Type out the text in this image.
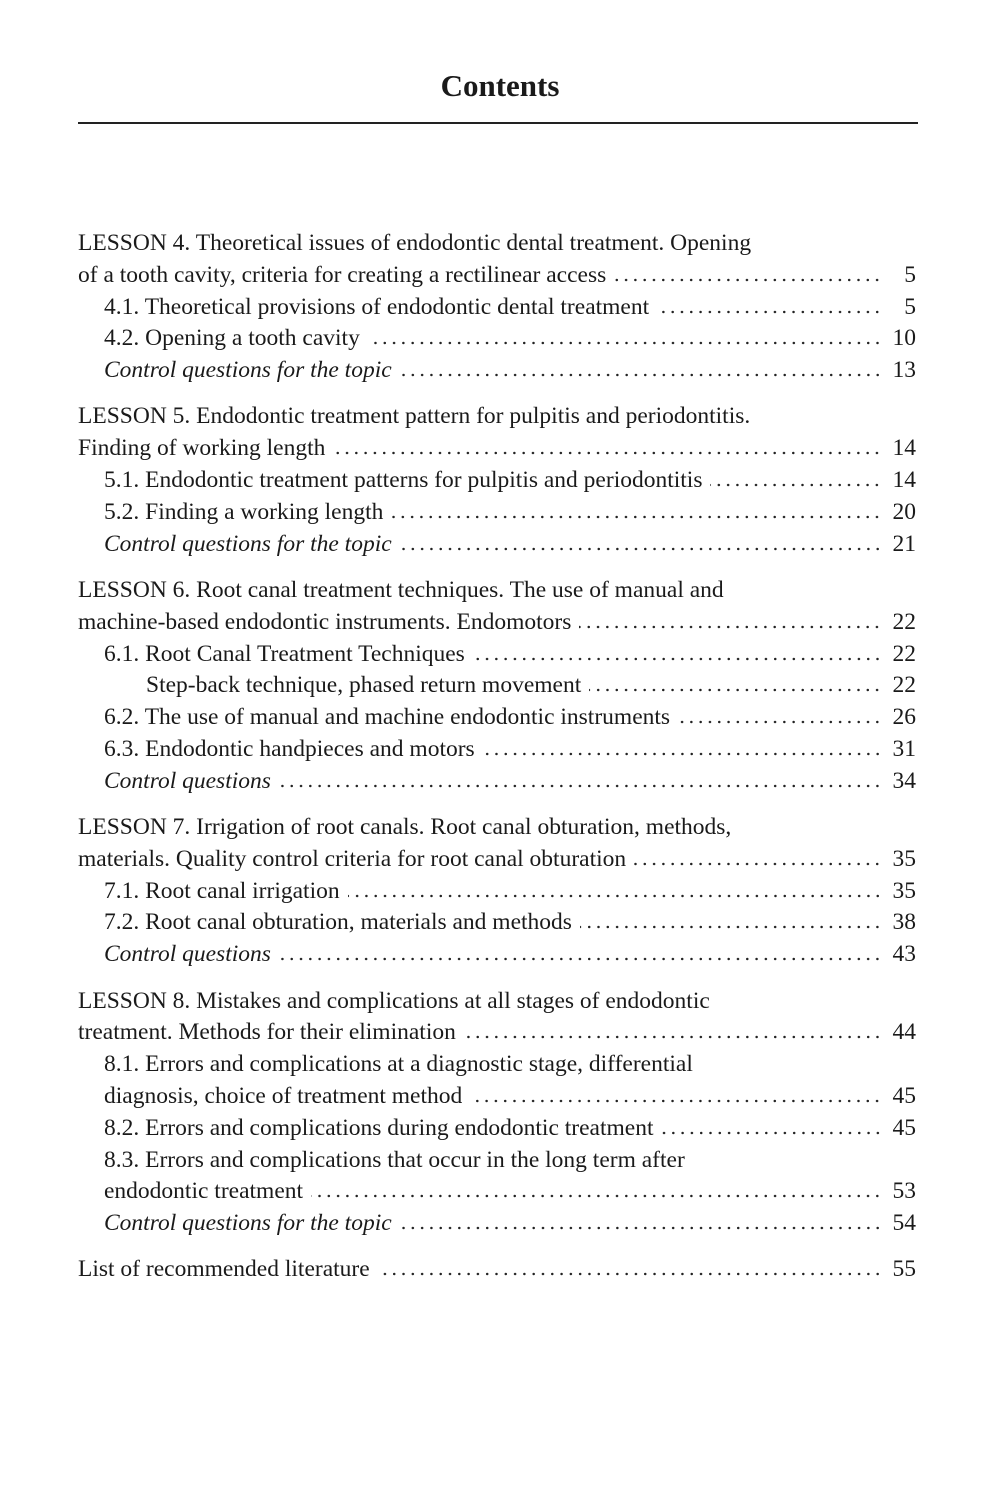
Contents
LESSON 4. Theoretical issues of endodontic dental treatment. Opening
of a tooth cavity, criteria for creating a rectilinear access	5
4.1. Theoretical provisions of endodontic dental treatment	5
4.2. Opening a tooth cavity	10
Control questions for the topic	13
LESSON 5. Endodontic treatment pattern for pulpitis and periodontitis.
Finding of working length	14
5.1. Endodontic treatment patterns for pulpitis and periodontitis	14
5.2. Finding a working length	20
Control questions for the topic	21
LESSON 6. Root canal treatment techniques. The use of manual and
machine-based endodontic instruments. Endomotors	22
6.1. Root Canal Treatment Techniques	22
Step-back technique, phased return movement	22
6.2. The use of manual and machine endodontic instruments	26
6.3. Endodontic handpieces and motors	31
Control questions	34
LESSON 7. Irrigation of root canals. Root canal obturation, methods,
materials. Quality control criteria for root canal obturation	35
7.1. Root canal irrigation	35
7.2. Root canal obturation, materials and methods	38
Control questions	43
LESSON 8. Mistakes and complications at all stages of endodontic
treatment. Methods for their elimination	44
8.1. Errors and complications at a diagnostic stage, differential
diagnosis, choice of treatment method	45
8.2. Errors and complications during endodontic treatment	45
8.3. Errors and complications that occur in the long term after
endodontic treatment	53
Control questions for the topic	54
List of recommended literature	55
